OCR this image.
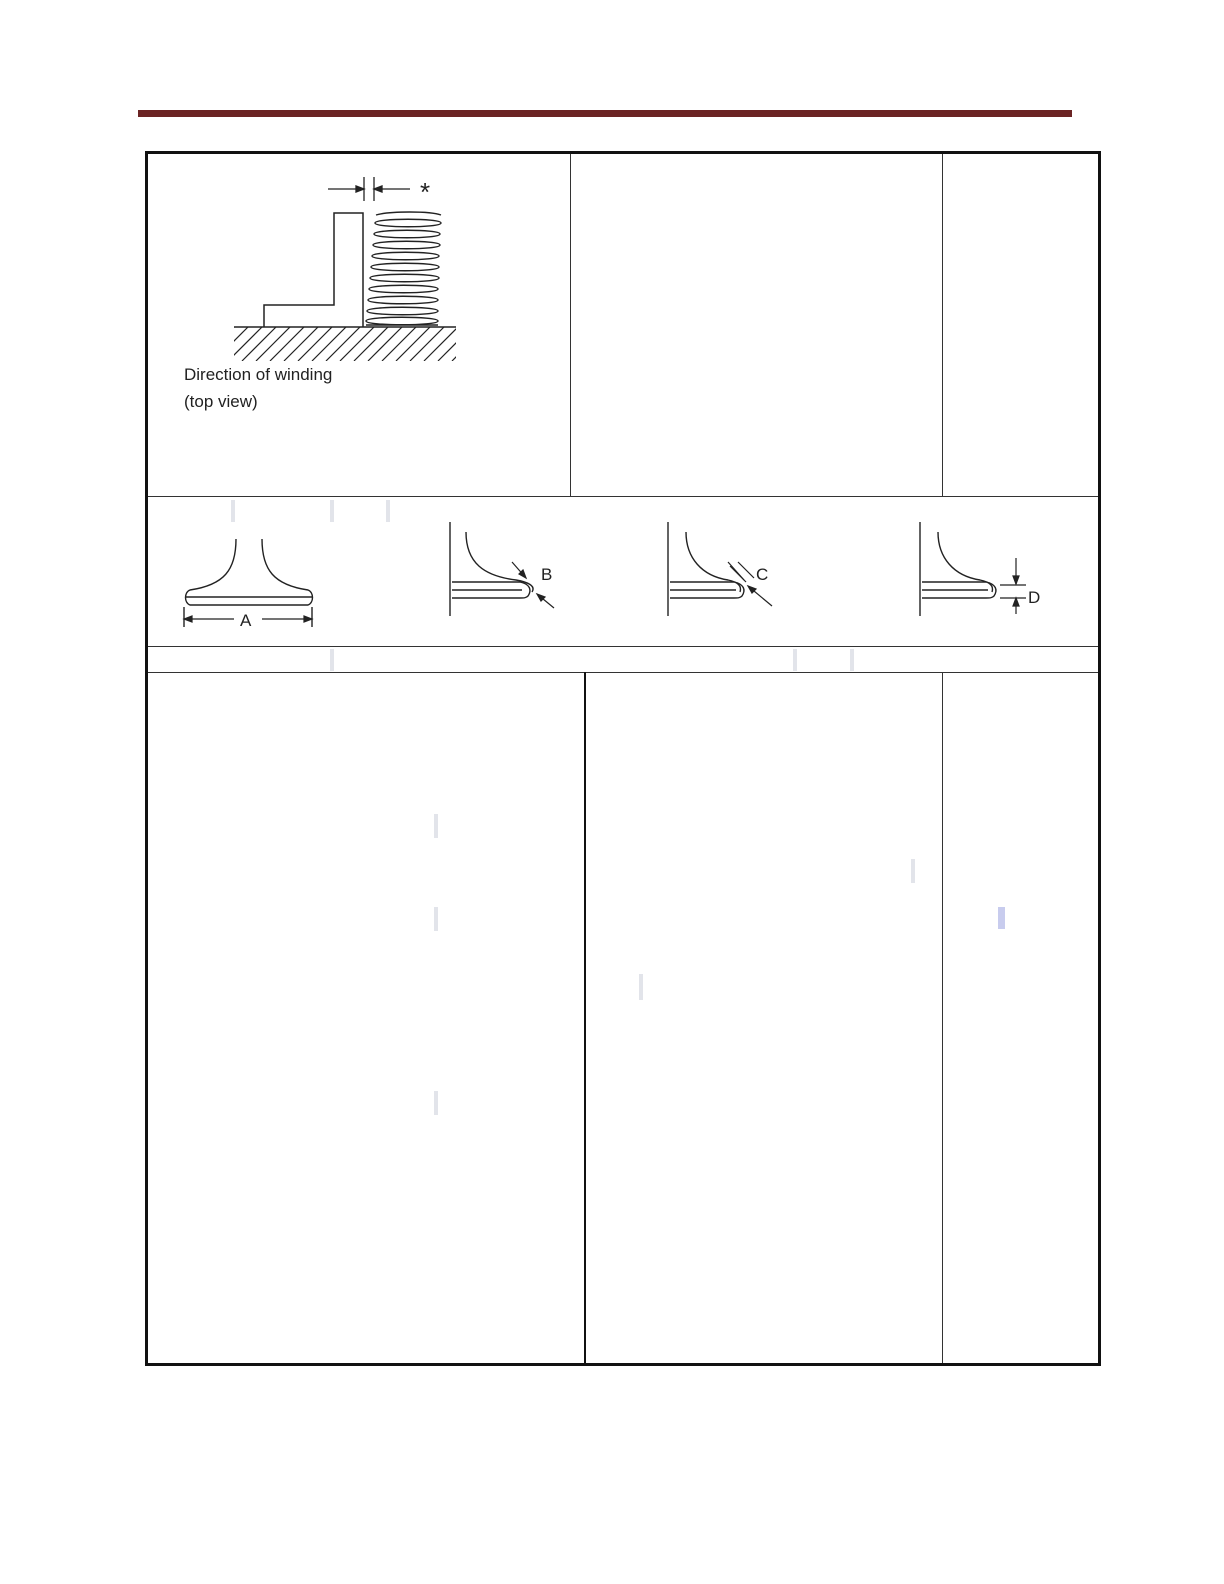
*
Direction of winding
(top view)
A
B	C
D
